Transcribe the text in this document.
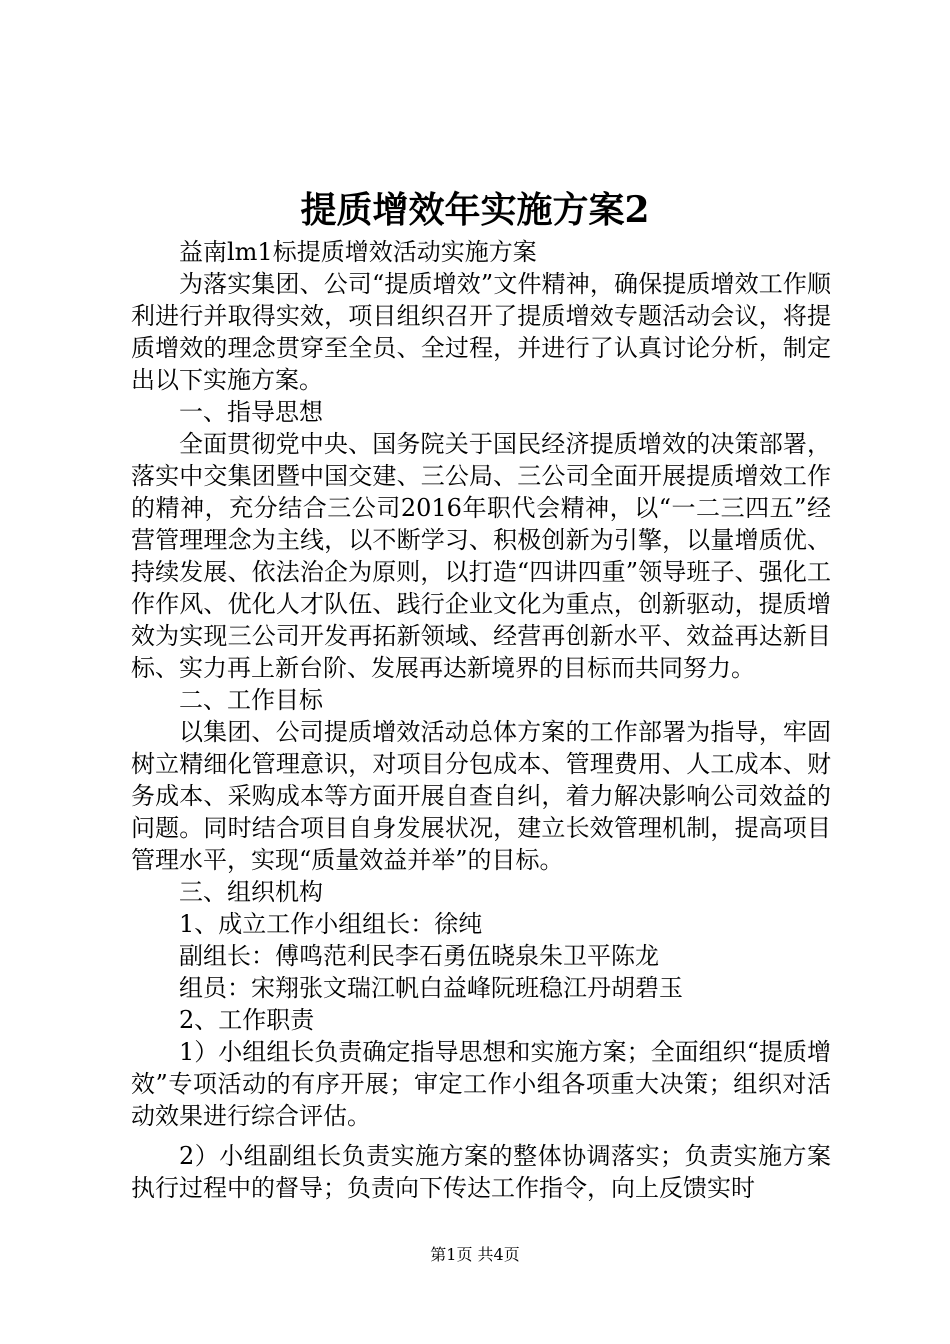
提质增效年实施方案2

益南lm1标提质增效活动实施方案

为落实集团、公司“提质增效”文件精神，确保提质增效工作顺利进行并取得实效，项目组织召开了提质增效专题活动会议，将提质增效的理念贯穿至全员、全过程，并进行了认真讨论分析，制定出以下实施方案。

一、指导思想

全面贯彻党中央、国务院关于国民经济提质增效的决策部署，落实中交集团暨中国交建、三公局、三公司全面开展提质增效工作的精神，充分结合三公司2016年职代会精神，以“一二三四五”经营管理理念为主线，以不断学习、积极创新为引擎，以量增质优、持续发展、依法治企为原则，以打造“四讲四重”领导班子、强化工作作风、优化人才队伍、践行企业文化为重点，创新驱动，提质增效为实现三公司开发再拓新领域、经营再创新水平、效益再达新目标、实力再上新台阶、发展再达新境界的目标而共同努力。

二、工作目标

以集团、公司提质增效活动总体方案的工作部署为指导，牢固树立精细化管理意识，对项目分包成本、管理费用、人工成本、财务成本、采购成本等方面开展自查自纠，着力解决影响公司效益的问题。同时结合项目自身发展状况，建立长效管理机制，提高项目管理水平，实现“质量效益并举”的目标。

三、组织机构

1、成立工作小组组长：徐纯

副组长：傅鸣范利民李石勇伍晓泉朱卫平陈龙

组员：宋翔张文瑞江帆白益峰阮班稳江丹胡碧玉

2、工作职责

1）小组组长负责确定指导思想和实施方案；全面组织“提质增效”专项活动的有序开展；审定工作小组各项重大决策；组织对活动效果进行综合评估。

2）小组副组长负责实施方案的整体协调落实；负责实施方案执行过程中的督导；负责向下传达工作指令，向上反馈实时

第1页 共4页
